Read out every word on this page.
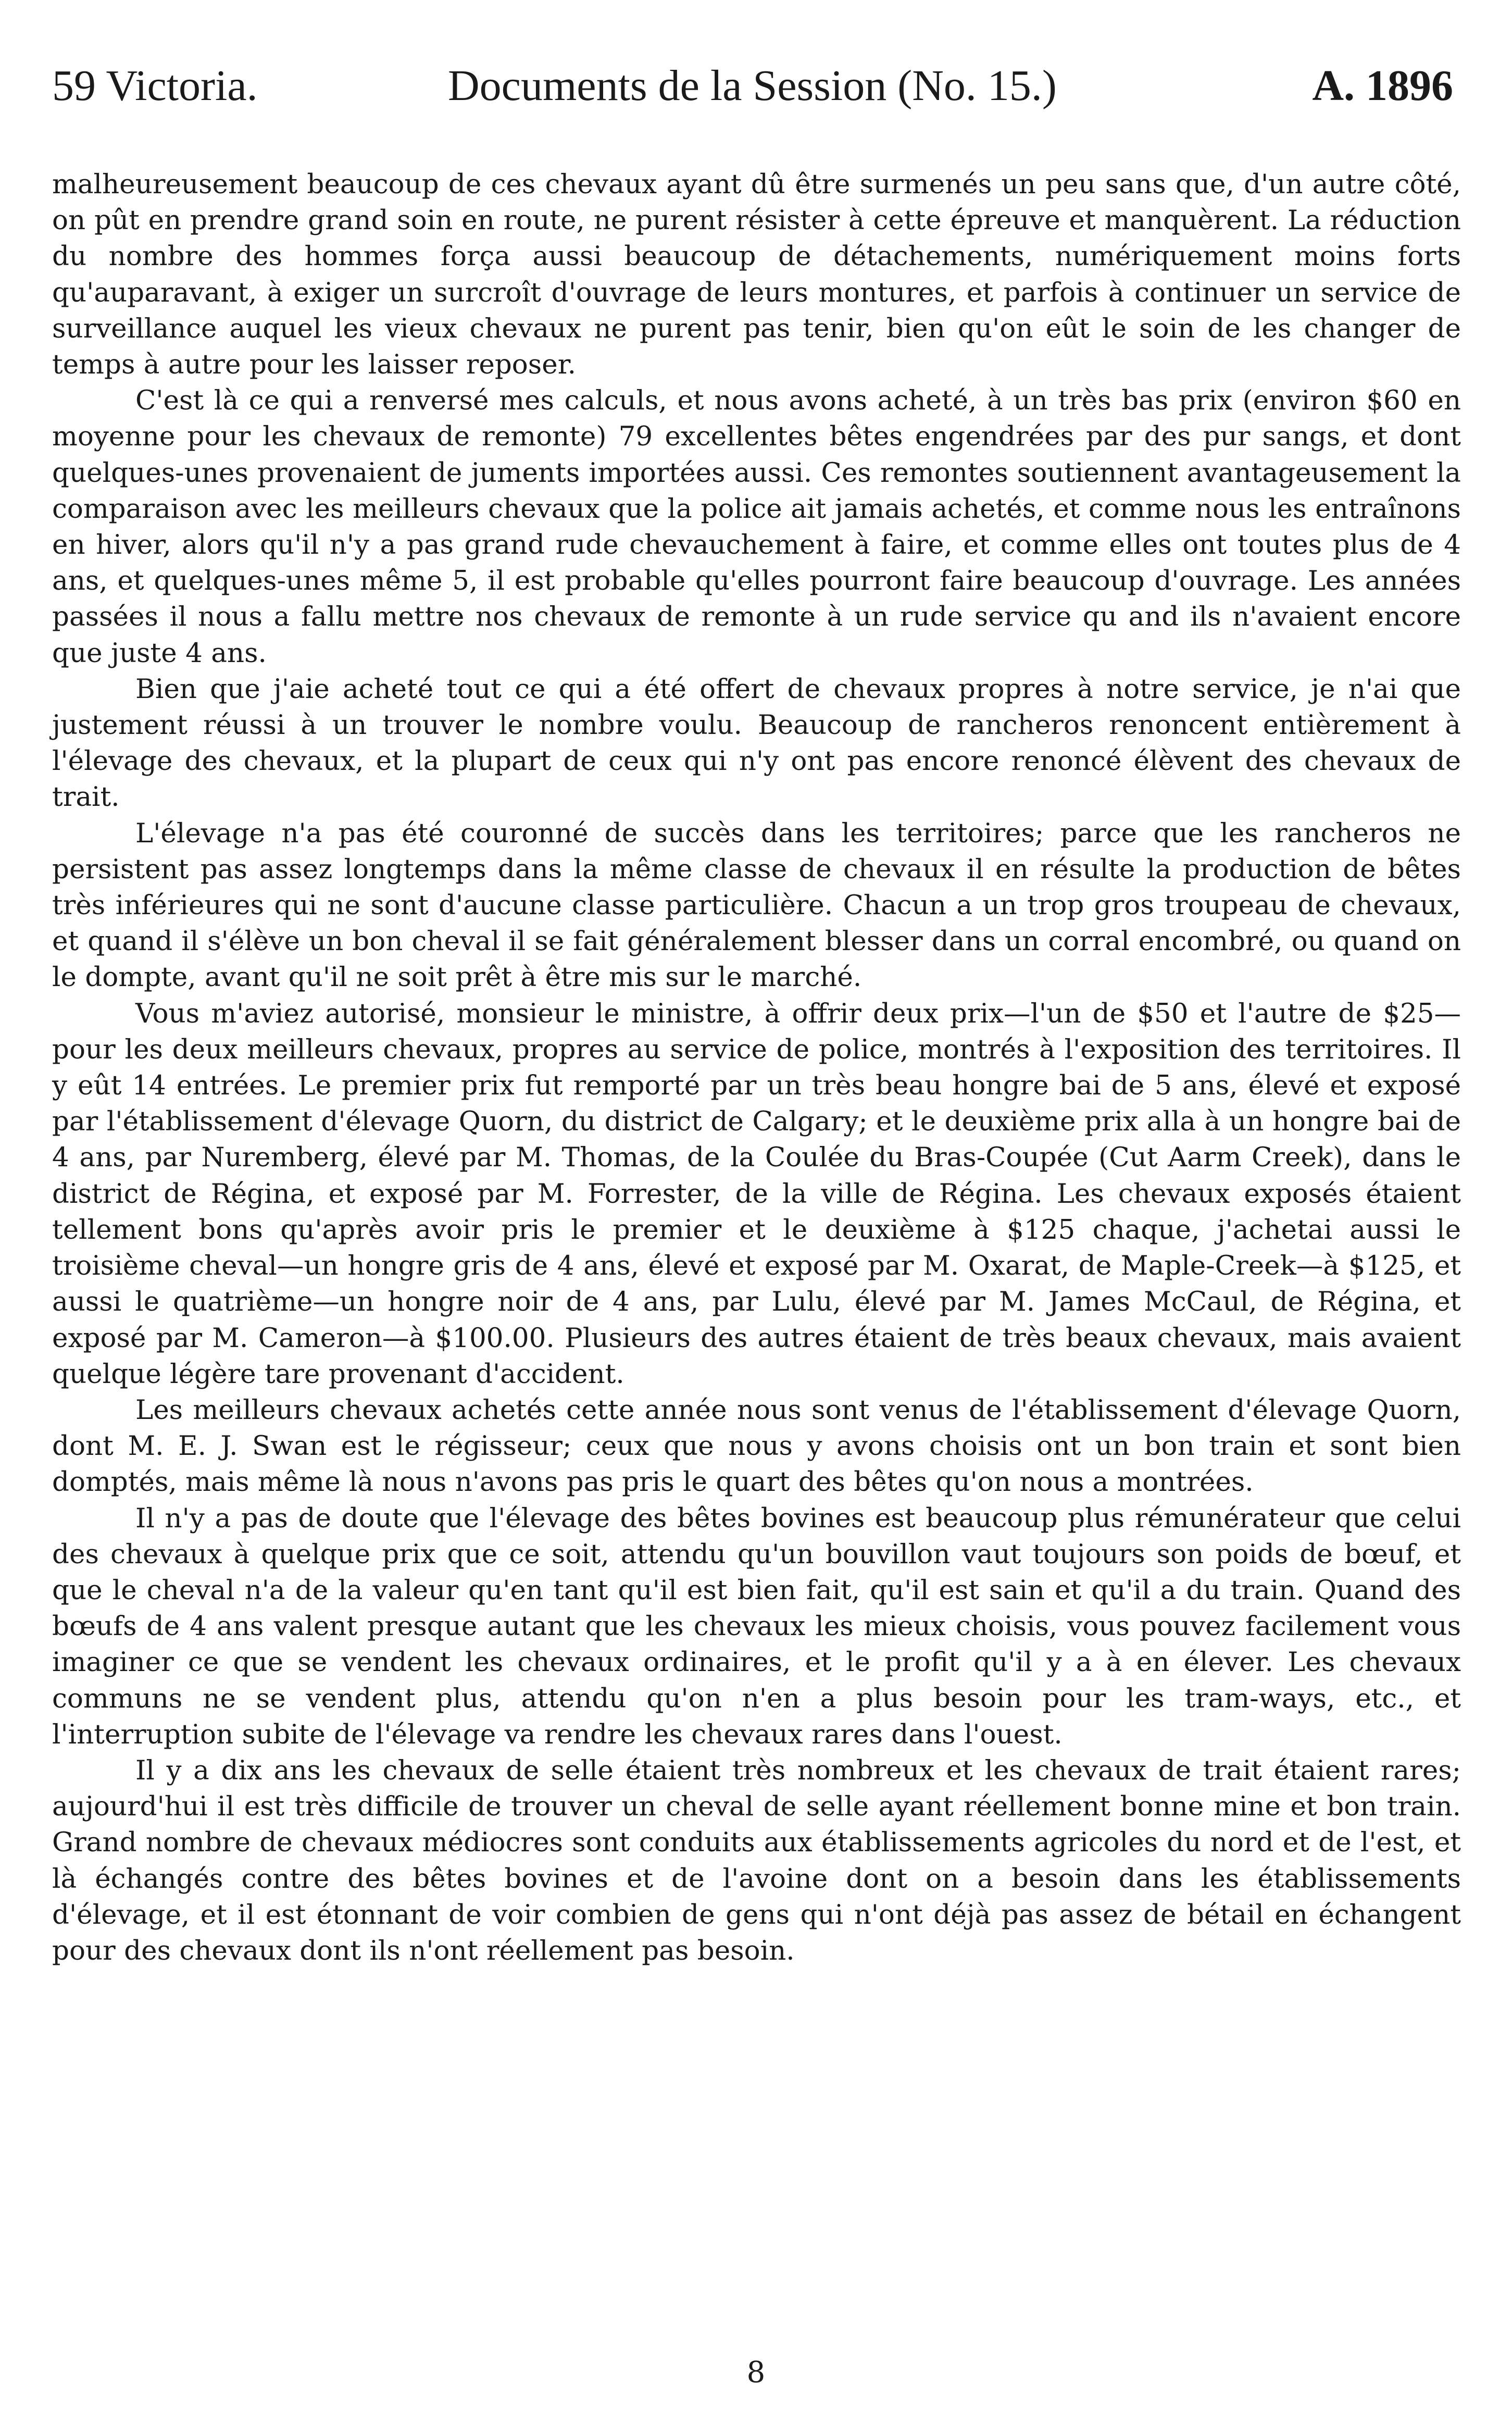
59 Victoria.	Documents de la Session (No. 15.)	A. 1896

malheureusement beaucoup de ces chevaux ayant dû être surmenés un peu sans que, d'un autre côté, on pût en prendre grand soin en route, ne purent résister à cette épreuve et manquèrent. La réduction du nombre des hommes força aussi beaucoup de détachements, numériquement moins forts qu'auparavant, à exiger un surcroît d'ouvrage de leurs montures, et parfois à continuer un service de surveillance auquel les vieux chevaux ne purent pas tenir, bien qu'on eût le soin de les changer de temps à autre pour les laisser reposer.

C'est là ce qui a renversé mes calculs, et nous avons acheté, à un très bas prix (environ $60 en moyenne pour les chevaux de remonte) 79 excellentes bêtes engendrées par des pur sangs, et dont quelques-unes provenaient de juments importées aussi. Ces remontes soutiennent avantageusement la comparaison avec les meilleurs chevaux que la police ait jamais achetés, et comme nous les entraînons en hiver, alors qu'il n'y a pas grand rude chevauchement à faire, et comme elles ont toutes plus de 4 ans, et quelques-unes même 5, il est probable qu'elles pourront faire beaucoup d'ouvrage. Les années passées il nous a fallu mettre nos chevaux de remonte à un rude service qu and ils n'avaient encore que juste 4 ans.

Bien que j'aie acheté tout ce qui a été offert de chevaux propres à notre service, je n'ai que justement réussi à un trouver le nombre voulu. Beaucoup de rancheros renoncent entièrement à l'élevage des chevaux, et la plupart de ceux qui n'y ont pas encore renoncé élèvent des chevaux de trait.

L'élevage n'a pas été couronné de succès dans les territoires; parce que les rancheros ne persistent pas assez longtemps dans la même classe de chevaux il en résulte la production de bêtes très inférieures qui ne sont d'aucune classe particulière. Chacun a un trop gros troupeau de chevaux, et quand il s'élève un bon cheval il se fait généralement blesser dans un corral encombré, ou quand on le dompte, avant qu'il ne soit prêt à être mis sur le marché.

Vous m'aviez autorisé, monsieur le ministre, à offrir deux prix—l'un de $50 et l'autre de $25—pour les deux meilleurs chevaux, propres au service de police, montrés à l'exposition des territoires. Il y eût 14 entrées. Le premier prix fut remporté par un très beau hongre bai de 5 ans, élevé et exposé par l'établissement d'élevage Quorn, du district de Calgary; et le deuxième prix alla à un hongre bai de 4 ans, par Nuremberg, élevé par M. Thomas, de la Coulée du Bras-Coupée (Cut Aarm Creek), dans le district de Régina, et exposé par M. Forrester, de la ville de Régina. Les chevaux exposés étaient tellement bons qu'après avoir pris le premier et le deuxième à $125 chaque, j'achetai aussi le troisième cheval—un hongre gris de 4 ans, élevé et exposé par M. Oxarat, de Maple-Creek—à $125, et aussi le quatrième—un hongre noir de 4 ans, par Lulu, élevé par M. James McCaul, de Régina, et exposé par M. Cameron—à $100.00. Plusieurs des autres étaient de très beaux chevaux, mais avaient quelque légère tare provenant d'accident.

Les meilleurs chevaux achetés cette année nous sont venus de l'établissement d'élevage Quorn, dont M. E. J. Swan est le régisseur; ceux que nous y avons choisis ont un bon train et sont bien domptés, mais même là nous n'avons pas pris le quart des bêtes qu'on nous a montrées.

Il n'y a pas de doute que l'élevage des bêtes bovines est beaucoup plus rémunérateur que celui des chevaux à quelque prix que ce soit, attendu qu'un bouvillon vaut toujours son poids de bœuf, et que le cheval n'a de la valeur qu'en tant qu'il est bien fait, qu'il est sain et qu'il a du train. Quand des bœufs de 4 ans valent presque autant que les chevaux les mieux choisis, vous pouvez facilement vous imaginer ce que se vendent les chevaux ordinaires, et le profit qu'il y a à en élever. Les chevaux communs ne se vendent plus, attendu qu'on n'en a plus besoin pour les tram-ways, etc., et l'interruption subite de l'élevage va rendre les chevaux rares dans l'ouest.

Il y a dix ans les chevaux de selle étaient très nombreux et les chevaux de trait étaient rares; aujourd'hui il est très difficile de trouver un cheval de selle ayant réellement bonne mine et bon train. Grand nombre de chevaux médiocres sont conduits aux établissements agricoles du nord et de l'est, et là échangés contre des bêtes bovines et de l'avoine dont on a besoin dans les établissements d'élevage, et il est étonnant de voir combien de gens qui n'ont déjà pas assez de bétail en échangent pour des chevaux dont ils n'ont réellement pas besoin.

8
